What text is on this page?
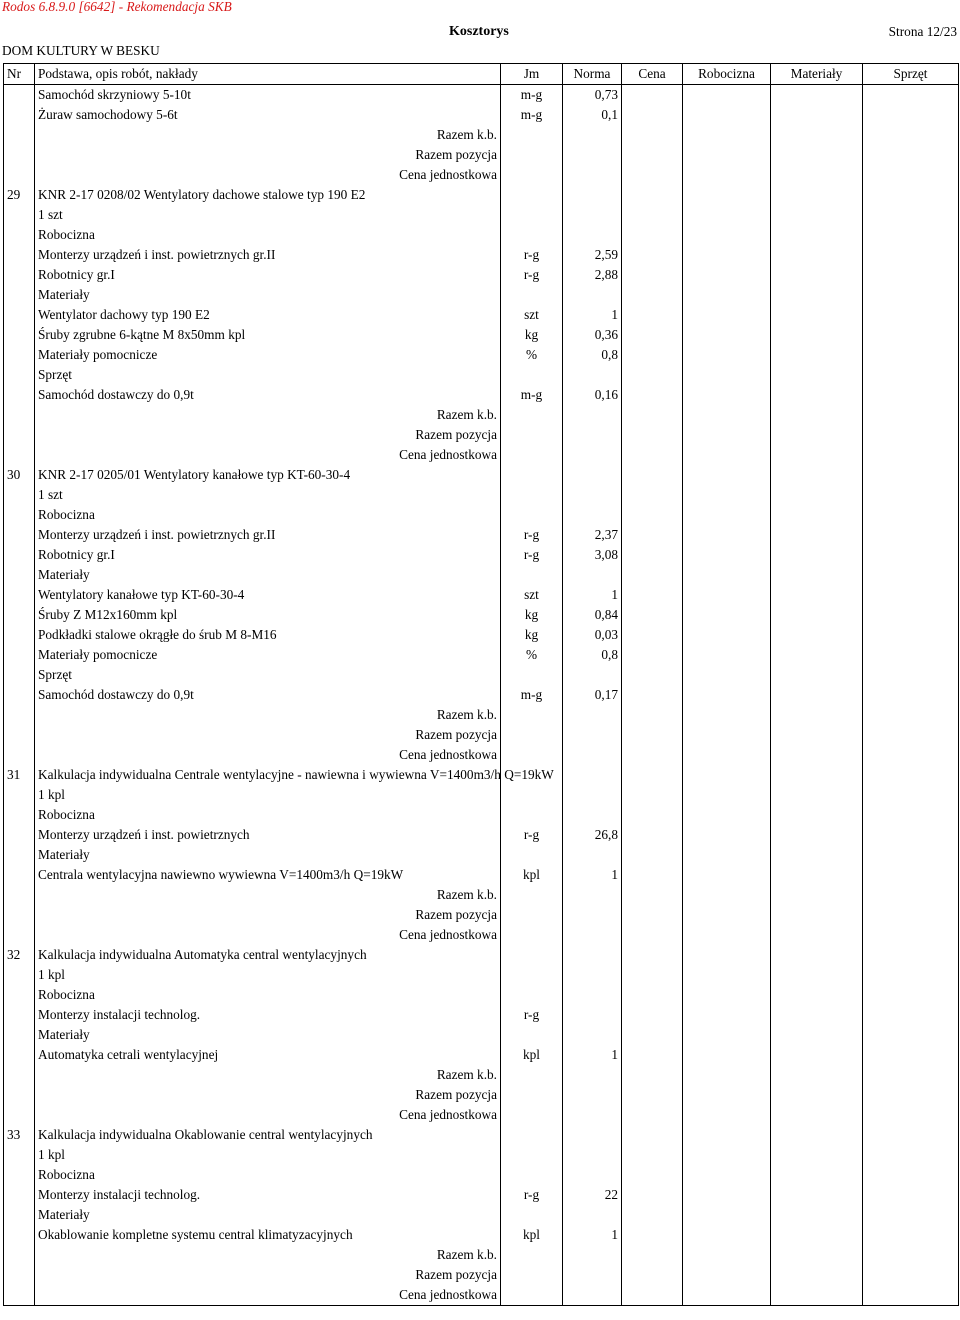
Rodos 6.8.9.0 [6642] - Rekomendacja SKB
Kosztorys	Strona 12/23
DOM KULTURY W BESKU
Nr	Podstawa, opis robót, nakłady	Jm	Norma	Cena	Robocizna	Materiały	Sprzęt
	Samochód skrzyniowy 5-10t	m-g	0,73				
	Żuraw samochodowy 5-6t	m-g	0,1				
	Razem k.b.						
	Razem pozycja						
	Cena jednostkowa						
29	KNR 2-17 0208/02 Wentylatory dachowe stalowe typ 190 E2						
	1 szt						
	Robocizna						
	Monterzy urządzeń i inst. powietrznych gr.II	r-g	2,59				
	Robotnicy gr.I	r-g	2,88				
	Materiały						
	Wentylator dachowy typ 190 E2	szt	1				
	Śruby zgrubne 6-kątne M 8x50mm kpl	kg	0,36				
	Materiały pomocnicze	%	0,8				
	Sprzęt						
	Samochód dostawczy do 0,9t	m-g	0,16				
	Razem k.b.						
	Razem pozycja						
	Cena jednostkowa						
30	KNR 2-17 0205/01 Wentylatory kanałowe typ KT-60-30-4						
	1 szt						
	Robocizna						
	Monterzy urządzeń i inst. powietrznych gr.II	r-g	2,37				
	Robotnicy gr.I	r-g	3,08				
	Materiały						
	Wentylatory kanałowe typ KT-60-30-4	szt	1				
	Śruby Z M12x160mm kpl	kg	0,84				
	Podkładki stalowe okrągłe do śrub M 8-M16	kg	0,03				
	Materiały pomocnicze	%	0,8				
	Sprzęt						
	Samochód dostawczy do 0,9t	m-g	0,17				
	Razem k.b.						
	Razem pozycja						
	Cena jednostkowa						
31	Kalkulacja indywidualna Centrale wentylacyjne - nawiewna i wywiewna V=1400m3/h Q=19kW						
	1 kpl						
	Robocizna						
	Monterzy urządzeń i inst. powietrznych	r-g	26,8				
	Materiały						
	Centrala wentylacyjna nawiewno wywiewna V=1400m3/h Q=19kW	kpl	1				
	Razem k.b.						
	Razem pozycja						
	Cena jednostkowa						
32	Kalkulacja indywidualna Automatyka central wentylacyjnych						
	1 kpl						
	Robocizna						
	Monterzy instalacji technolog.	r-g					
	Materiały						
	Automatyka cetrali wentylacyjnej	kpl	1				
	Razem k.b.						
	Razem pozycja						
	Cena jednostkowa						
33	Kalkulacja indywidualna Okablowanie central wentylacyjnych						
	1 kpl						
	Robocizna						
	Monterzy instalacji technolog.	r-g	22				
	Materiały						
	Okablowanie kompletne systemu central klimatyzacyjnych	kpl	1				
	Razem k.b.						
	Razem pozycja						
	Cena jednostkowa						
